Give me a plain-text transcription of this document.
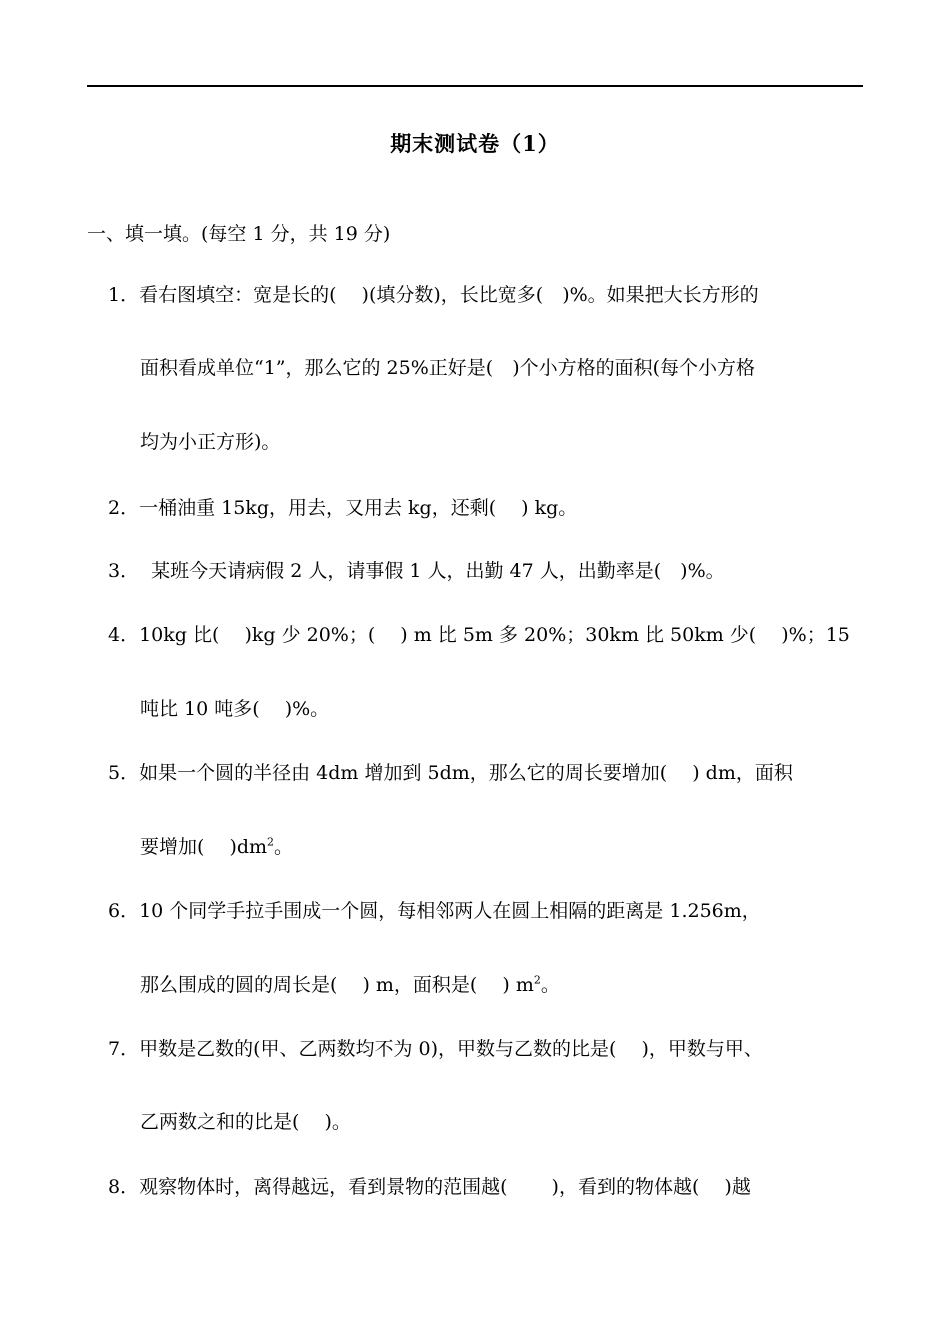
期末测试卷（1）
一、填一填。(每空 1 分，共 19 分)
1．看右图填空：宽是长的(　 )(填分数)，长比宽多(　)%。如果把大长方形的
面积看成单位“1”，那么它的 25%正好是(　)个小方格的面积(每个小方格
均为小正方形)。
2．一桶油重 15kg，用去，又用去 kg，还剩(　 ) kg。
3．  某班今天请病假 2 人，请事假 1 人，出勤 47 人，出勤率是(　)%。
4．10kg 比(　 )kg 少 20%；(　 ) m 比 5m 多 20%；30km 比 50km 少(　 )%；15
吨比 10 吨多(　 )%。
5．如果一个圆的半径由 4dm 增加到 5dm，那么它的周长要增加(　 ) dm，面积
要增加(　 )$dm^2$。
6．10 个同学手拉手围成一个圆，每相邻两人在圆上相隔的距离是 1.256m，
那么围成的圆的周长是(　 ) m，面积是(　 ) $m^2$。
7．甲数是乙数的(甲、乙两数均不为 0)，甲数与乙数的比是(　 )，甲数与甲、
乙两数之和的比是(　 )。
8．观察物体时，离得越远，看到景物的范围越(　　 )，看到的物体越(　 )越
